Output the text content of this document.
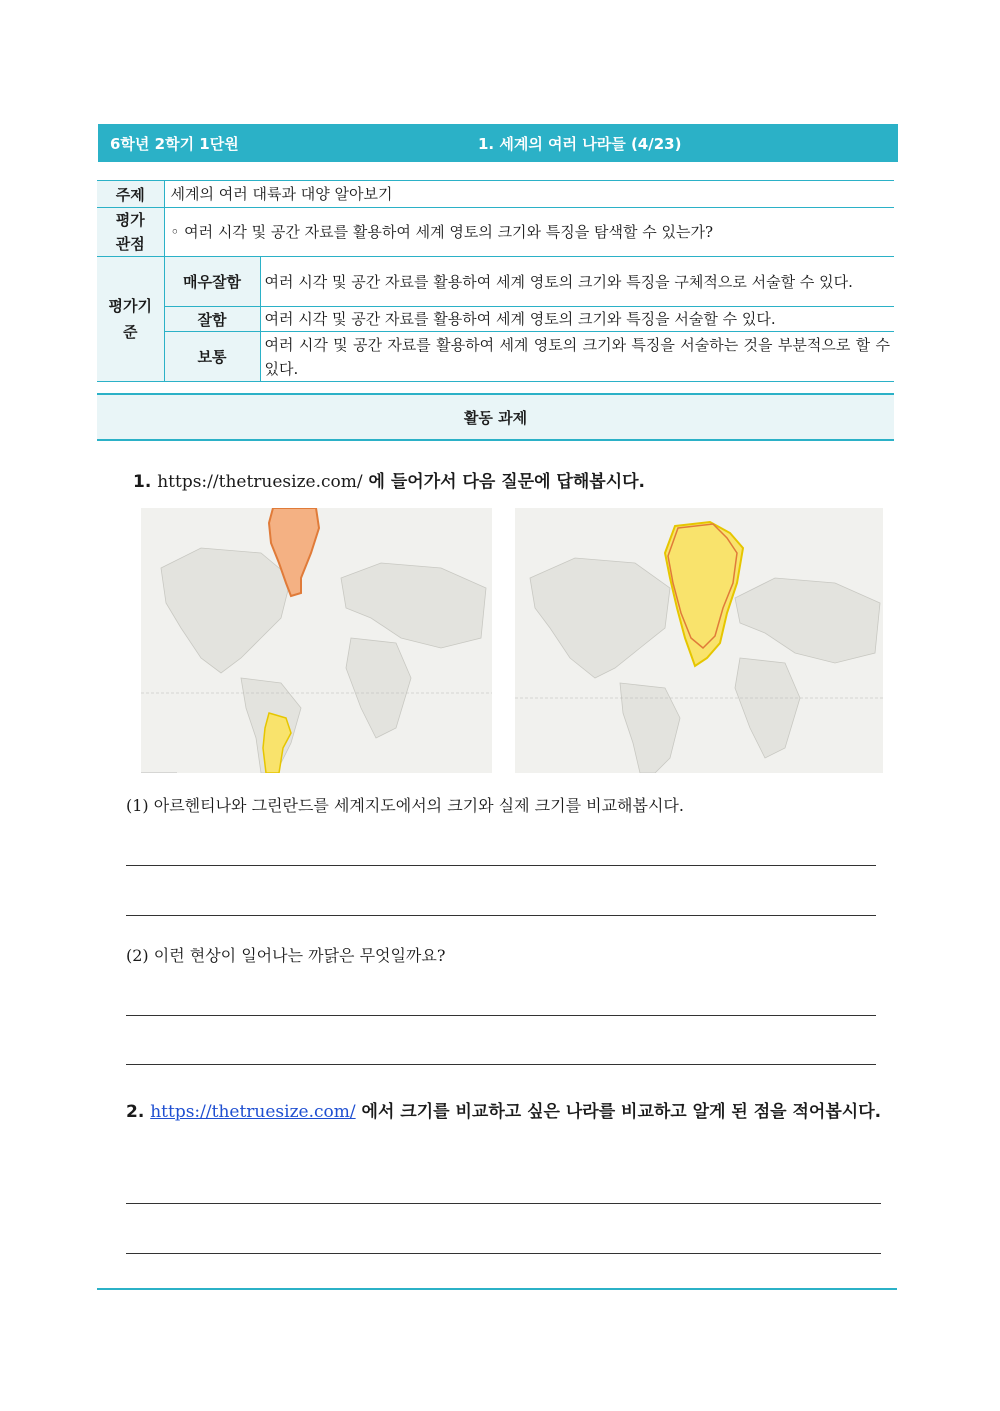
6학년 2학기 1단원	1. 세계의 여러 나라들 (4/23)
주제	세계의 여러 대륙과 대양 알아보기	
평가
관점	◦ 여러 시각 및 공간 자료를 활용하여 세계 영토의 크기와 특징을 탐색할 수 있는가?	
평가기
준	매우잘함	여러 시각 및 공간 자료를 활용하여 세계 영토의 크기와 특징을 구체적으로 서술할 수 있다.
	잘함	여러 시각 및 공간 자료를 활용하여 세계 영토의 크기와 특징을 서술할 수 있다.
	보통	여러 시각 및 공간 자료를 활용하여 세계 영토의 크기와 특징을 서술하는 것을 부분적으로 할 수 있다.
활동 과제
1. https://thetruesize.com/ 에 들어가서 다음 질문에 답해봅시다.
(1) 아르헨티나와 그린란드를 세계지도에서의 크기와 실제 크기를 비교해봅시다.
(2) 이런 현상이 일어나는 까닭은 무엇일까요?
2. https://thetruesize.com/ 에서 크기를 비교하고 싶은 나라를 비교하고 알게 된 점을 적어봅시다.
